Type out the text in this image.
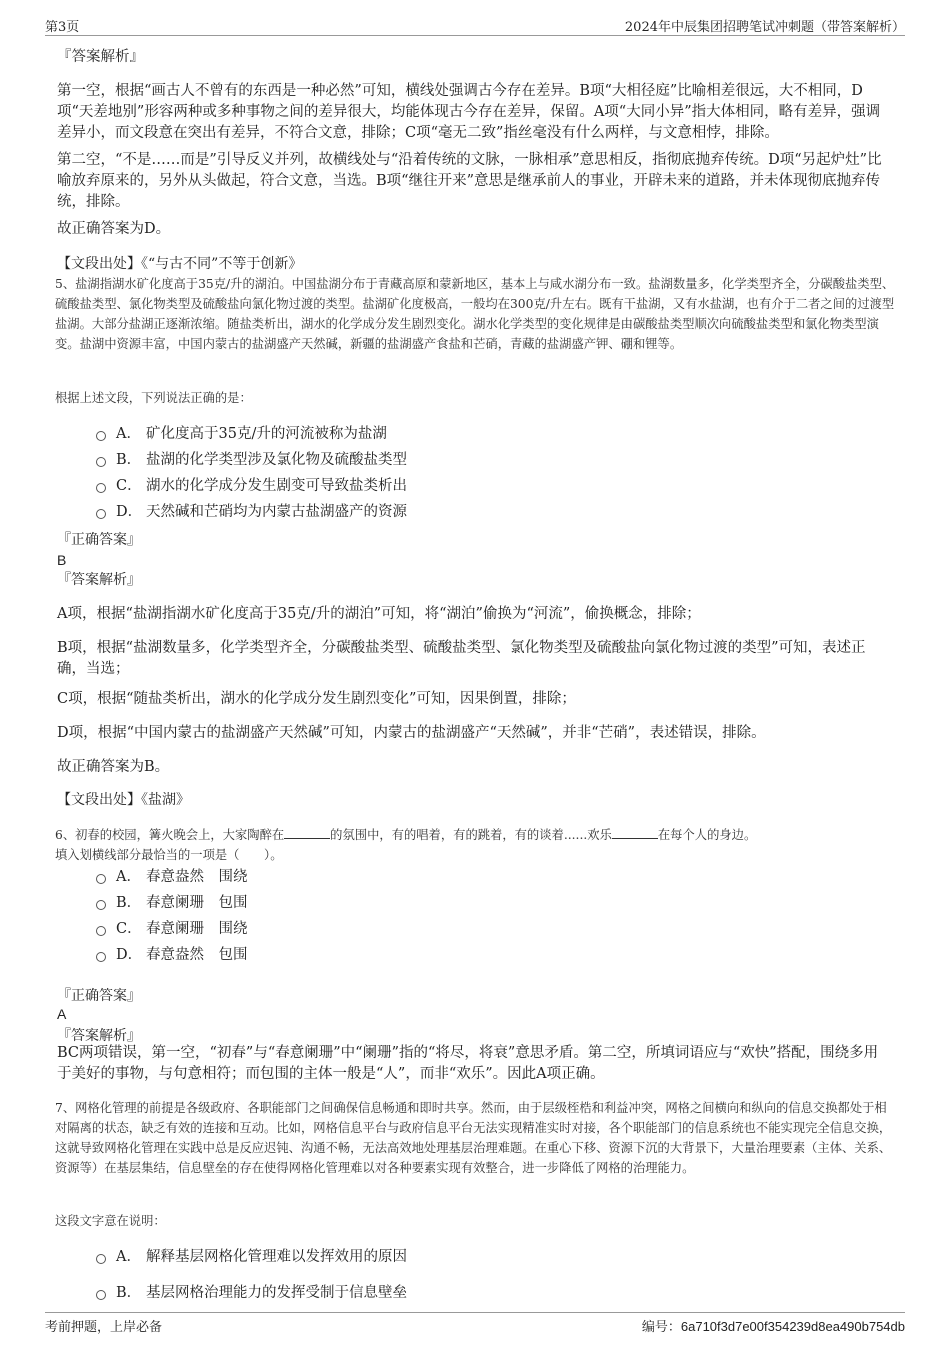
第3页	2024年中辰集团招聘笔试冲刺题（带答案解析）
『答案解析』
第一空，根据“画古人不曾有的东西是一种必然”可知，横线处强调古今存在差异。B项“大相径庭”比喻相差很远，大不相同，D项“天差地别”形容两种或多种事物之间的差异很大，均能体现古今存在差异，保留。A项“大同小异”指大体相同，略有差异，强调差异小，而文段意在突出有差异，不符合文意，排除；C项“毫无二致”指丝毫没有什么两样，与文意相悖，排除。
第二空，“不是……而是”引导反义并列，故横线处与“沿着传统的文脉，一脉相承”意思相反，指彻底抛弃传统。D项“另起炉灶”比喻放弃原来的，另外从头做起，符合文意，当选。B项“继往开来”意思是继承前人的事业，开辟未来的道路，并未体现彻底抛弃传统，排除。
故正确答案为D。
【文段出处】《“与古不同”不等于创新》
5、盐湖指湖水矿化度高于35克/升的湖泊。中国盐湖分布于青藏高原和蒙新地区，基本上与咸水湖分布一致。盐湖数量多，化学类型齐全，分碳酸盐类型、硫酸盐类型、氯化物类型及硫酸盐向氯化物过渡的类型。盐湖矿化度极高，一般均在300克/升左右。既有干盐湖，又有水盐湖，也有介于二者之间的过渡型盐湖。大部分盐湖正逐渐浓缩。随盐类析出，湖水的化学成分发生剧烈变化。湖水化学类型的变化规律是由碳酸盐类型顺次向硫酸盐类型和氯化物类型演变。盐湖中资源丰富，中国内蒙古的盐湖盛产天然碱，新疆的盐湖盛产食盐和芒硝，青藏的盐湖盛产钾、硼和锂等。
根据上述文段，下列说法正确的是：
A． 矿化度高于35克/升的河流被称为盐湖
B． 盐湖的化学类型涉及氯化物及硫酸盐类型
C． 湖水的化学成分发生剧变可导致盐类析出
D． 天然碱和芒硝均为内蒙古盐湖盛产的资源
『正确答案』
B
『答案解析』
A项，根据“盐湖指湖水矿化度高于35克/升的湖泊”可知，将“湖泊”偷换为“河流”，偷换概念，排除；
B项，根据“盐湖数量多，化学类型齐全，分碳酸盐类型、硫酸盐类型、氯化物类型及硫酸盐向氯化物过渡的类型”可知，表述正确，当选；
C项，根据“随盐类析出，湖水的化学成分发生剧烈变化”可知，因果倒置，排除；
D项，根据“中国内蒙古的盐湖盛产天然碱”可知，内蒙古的盐湖盛产“天然碱”，并非“芒硝”，表述错误，排除。
故正确答案为B。
【文段出处】《盐湖》
6、初春的校园，篝火晚会上，大家陶醉在	的氛围中，有的唱着，有的跳着，有的谈着......欢乐	在每个人的身边。
填入划横线部分最恰当的一项是（　　）。
A． 春意盎然　围绕
B． 春意阑珊　包围
C． 春意阑珊　围绕
D． 春意盎然　包围
『正确答案』
A
『答案解析』
BC两项错误，第一空，“初春”与“春意阑珊”中“阑珊”指的“将尽，将衰”意思矛盾。第二空，所填词语应与“欢快”搭配，围绕多用于美好的事物，与句意相符；而包围的主体一般是“人”，而非“欢乐”。因此A项正确。
7、网格化管理的前提是各级政府、各职能部门之间确保信息畅通和即时共享。然而，由于层级桎梏和利益冲突，网格之间横向和纵向的信息交换都处于相对隔离的状态，缺乏有效的连接和互动。比如，网格信息平台与政府信息平台无法实现精准实时对接，各个职能部门的信息系统也不能实现完全信息交换，这就导致网格化管理在实践中总是反应迟钝、沟通不畅，无法高效地处理基层治理难题。在重心下移、资源下沉的大背景下，大量治理要素（主体、关系、资源等）在基层集结，信息壁垒的存在使得网格化管理难以对各种要素实现有效整合，进一步降低了网格的治理能力。
这段文字意在说明：
A． 解释基层网格化管理难以发挥效用的原因
B． 基层网格治理能力的发挥受制于信息壁垒
考前押题，上岸必备	编号：6a710f3d7e00f354239d8ea490b754db
